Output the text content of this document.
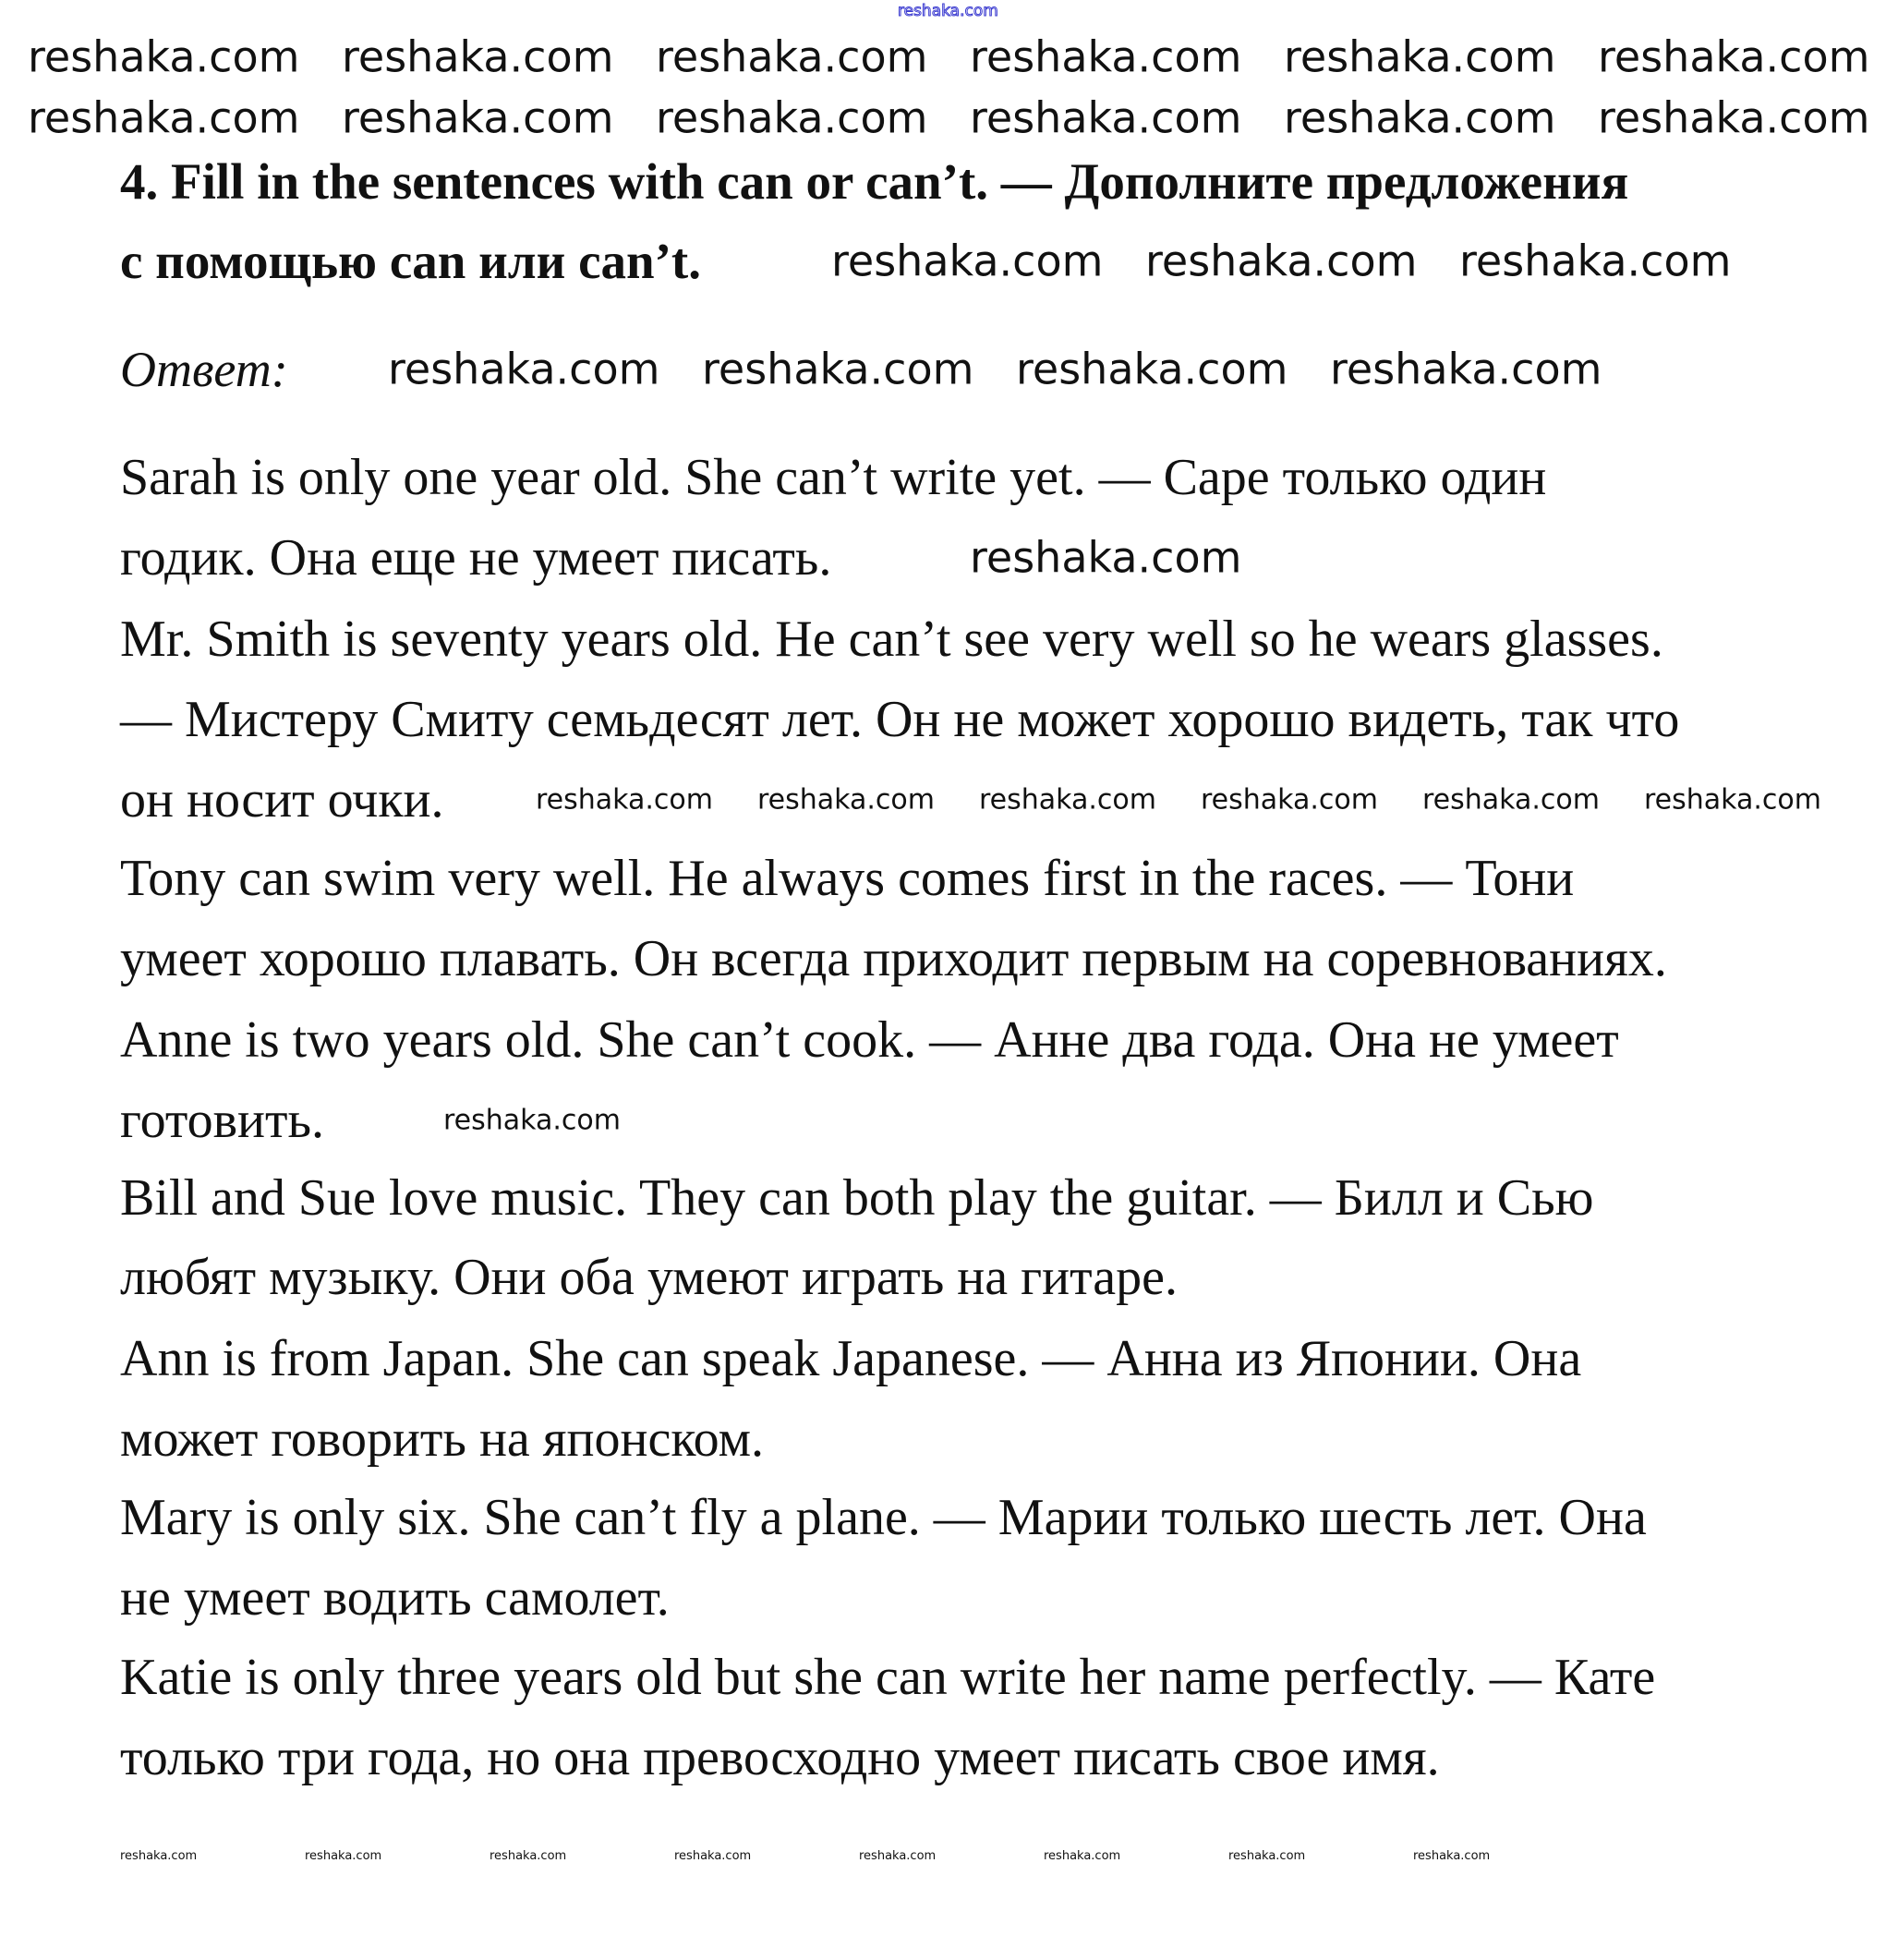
reshaka.com
4. Fill in the sentences with can or can’t. — Дополните предложения
с помощью can или can’t.
Ответ:
Sarah is only one year old. She can’t write yet. — Саре только один
годик. Она еще не умеет писать.
Mr. Smith is seventy years old. He can’t see very well so he wears glasses.
— Мистеру Смиту семьдесят лет. Он не может хорошо видеть, так что
он носит очки.
Tony can swim very well. He always comes first in the races. — Тони
умеет хорошо плавать. Он всегда приходит первым на соревнованиях.
Anne is two years old. She can’t cook. — Анне два года. Она не умеет
готовить.
Bill and Sue love music. They can both play the guitar. — Билл и Сью
любят музыку. Они оба умеют играть на гитаре.
Ann is from Japan. She can speak Japanese. — Анна из Японии. Она
может говорить на японском.
Mary is only six. She can’t fly a plane. — Марии только шесть лет. Она
не умеет водить самолет.
Katie is only three years old but she can write her name perfectly. — Кате
только три года, но она превосходно умеет писать свое имя.
reshaka.com reshaka.com reshaka.com reshaka.com reshaka.com reshaka.com
reshaka.com reshaka.com reshaka.com reshaka.com reshaka.com reshaka.com
reshaka.com reshaka.com reshaka.com
reshaka.com reshaka.com reshaka.com reshaka.com
reshaka.com
reshaka.com reshaka.com reshaka.com reshaka.com reshaka.com reshaka.com
reshaka.com
reshaka.com	reshaka.com	reshaka.com	reshaka.com	reshaka.com	reshaka.com	reshaka.com	reshaka.com
